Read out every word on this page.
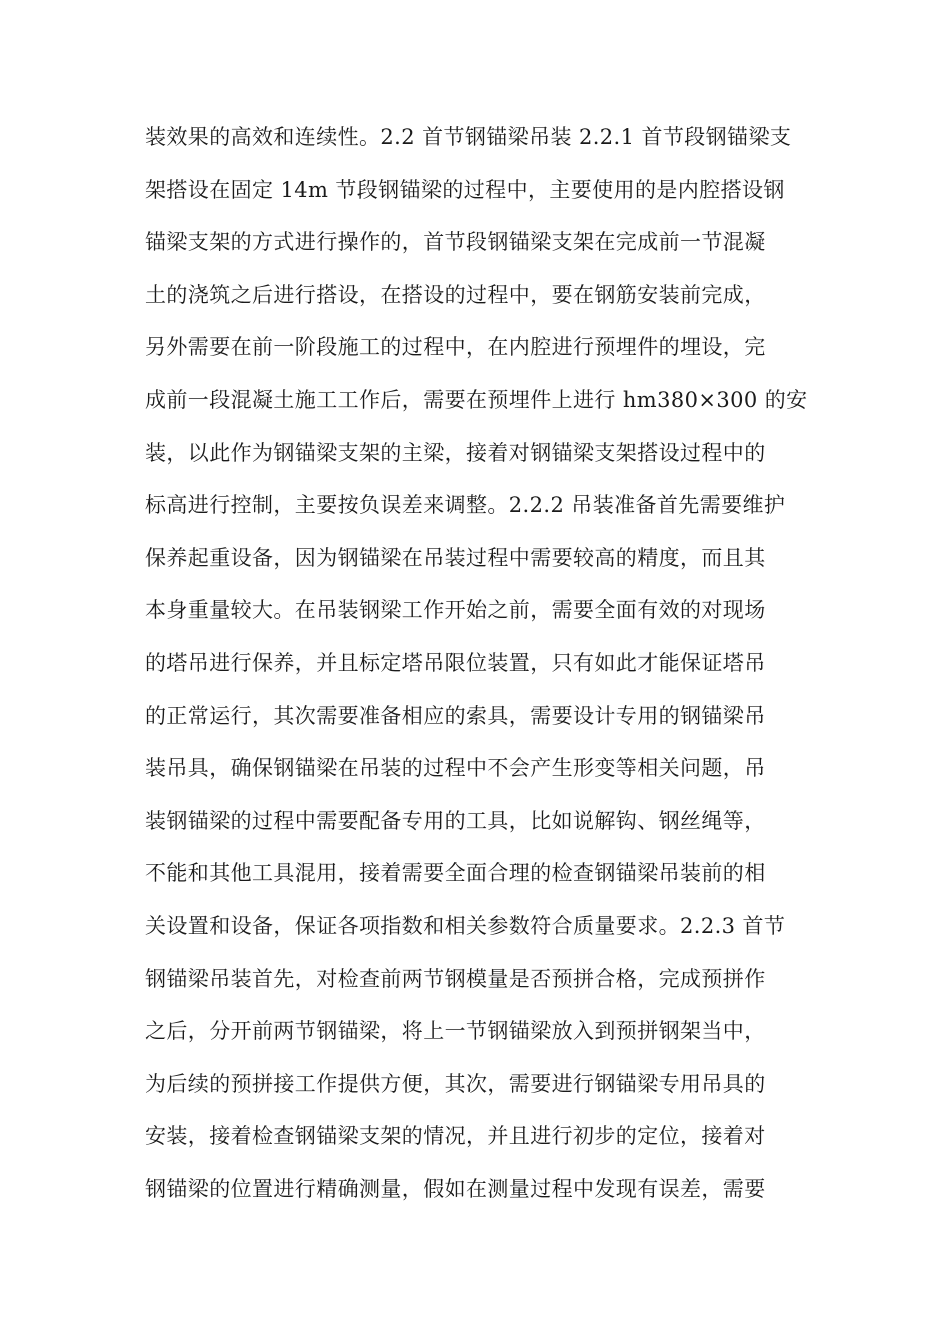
装效果的高效和连续性。2.2 首节钢锚梁吊装 2.2.1 首节段钢锚梁支
架搭设在固定 14m 节段钢锚梁的过程中，主要使用的是内腔搭设钢
锚梁支架的方式进行操作的，首节段钢锚梁支架在完成前一节混凝
土的浇筑之后进行搭设，在搭设的过程中，要在钢筋安装前完成，
另外需要在前一阶段施工的过程中，在内腔进行预埋件的埋设，完
成前一段混凝土施工工作后，需要在预埋件上进行 hm380×300 的安
装，以此作为钢锚梁支架的主梁，接着对钢锚梁支架搭设过程中的
标高进行控制，主要按负误差来调整。2.2.2 吊装准备首先需要维护
保养起重设备，因为钢锚梁在吊装过程中需要较高的精度，而且其
本身重量较大。在吊装钢梁工作开始之前，需要全面有效的对现场
的塔吊进行保养，并且标定塔吊限位装置，只有如此才能保证塔吊
的正常运行，其次需要准备相应的索具，需要设计专用的钢锚梁吊
装吊具，确保钢锚梁在吊装的过程中不会产生形变等相关问题，吊
装钢锚梁的过程中需要配备专用的工具，比如说解钩、钢丝绳等，
不能和其他工具混用，接着需要全面合理的检查钢锚梁吊装前的相
关设置和设备，保证各项指数和相关参数符合质量要求。2.2.3 首节
钢锚梁吊装首先，对检查前两节钢模量是否预拼合格，完成预拼作
之后，分开前两节钢锚梁，将上一节钢锚梁放入到预拼钢架当中，
为后续的预拼接工作提供方便，其次，需要进行钢锚梁专用吊具的
安装，接着检查钢锚梁支架的情况，并且进行初步的定位，接着对
钢锚梁的位置进行精确测量，假如在测量过程中发现有误差，需要
